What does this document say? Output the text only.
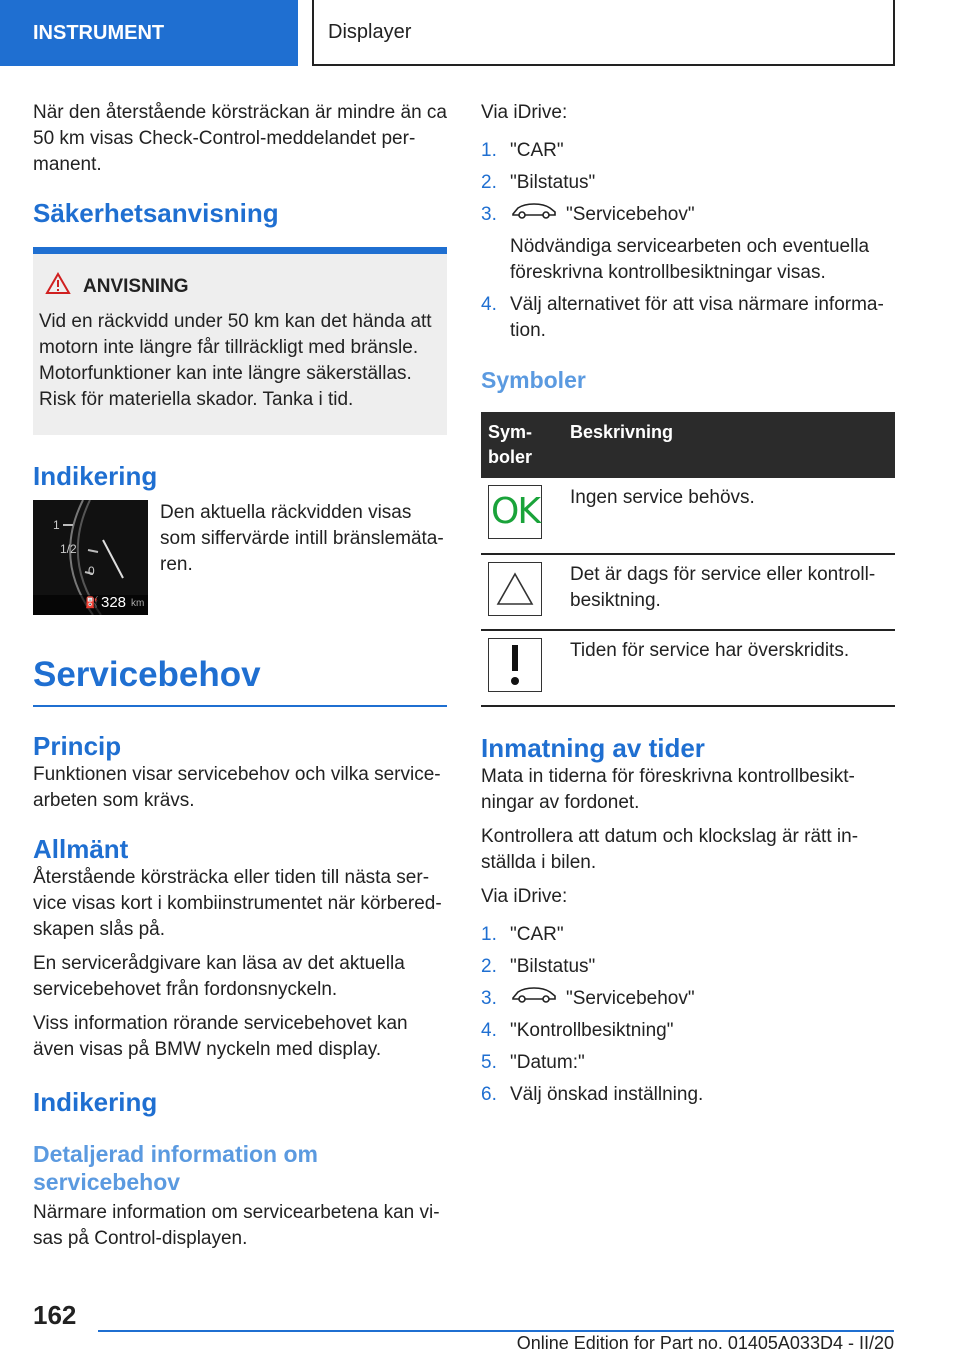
INSTRUMENT	Displayer

När den återstående körsträckan är mindre än ca 50 km visas Check-Control-meddelandet permanent.

Säkerhetsanvisning
ANVISNING

Vid en räckvidd under 50 km kan det hända att motorn inte längre får tillräckligt med bränsle. Motorfunktioner kan inte längre säkerställas. Risk för materiella skador. Tanka i tid.

Indikering
1
1/2
0
⛽ 328 km

Den aktuella räckvidden visas som siffervärde intill bränslemätaren.

Servicebehov
Princip

Funktionen visar servicebehov och vilka servicearbeten som krävs.

Allmänt

Återstående körsträcka eller tiden till nästa service visas kort i kombiinstrumentet när körberedskapen slås på.

En servicerådgivare kan läsa av det aktuella servicebehovet från fordonsnyckeln.

Viss information rörande servicebehovet kan även visas på BMW nyckeln med display.

Indikering
Detaljerad information om servicebehov

Närmare information om servicearbetena kan visas på Control-displayen.

Via iDrive:

1. "CAR"
2. "Bilstatus"
3.	"Servicebehov"
Nödvändiga servicearbeten och eventuella föreskrivna kontrollbesiktningar visas.
4. Välj alternativet för att visa närmare information.
Symboler
Symboler	Beskrivning

OK	Ingen service behövs.

	Det är dags för service eller kontrollbesiktning.

	Tiden för service har överskridits.
Inmatning av tider

Mata in tiderna för föreskrivna kontrollbesiktningar av fordonet.

Kontrollera att datum och klockslag är rätt inställda i bilen.

Via iDrive:

1. "CAR"
2. "Bilstatus"
3.	"Servicebehov"
4. "Kontrollbesiktning"
5. "Datum:"
6. Välj önskad inställning.
162
Online Edition for Part no. 01405A033D4 - II/20
